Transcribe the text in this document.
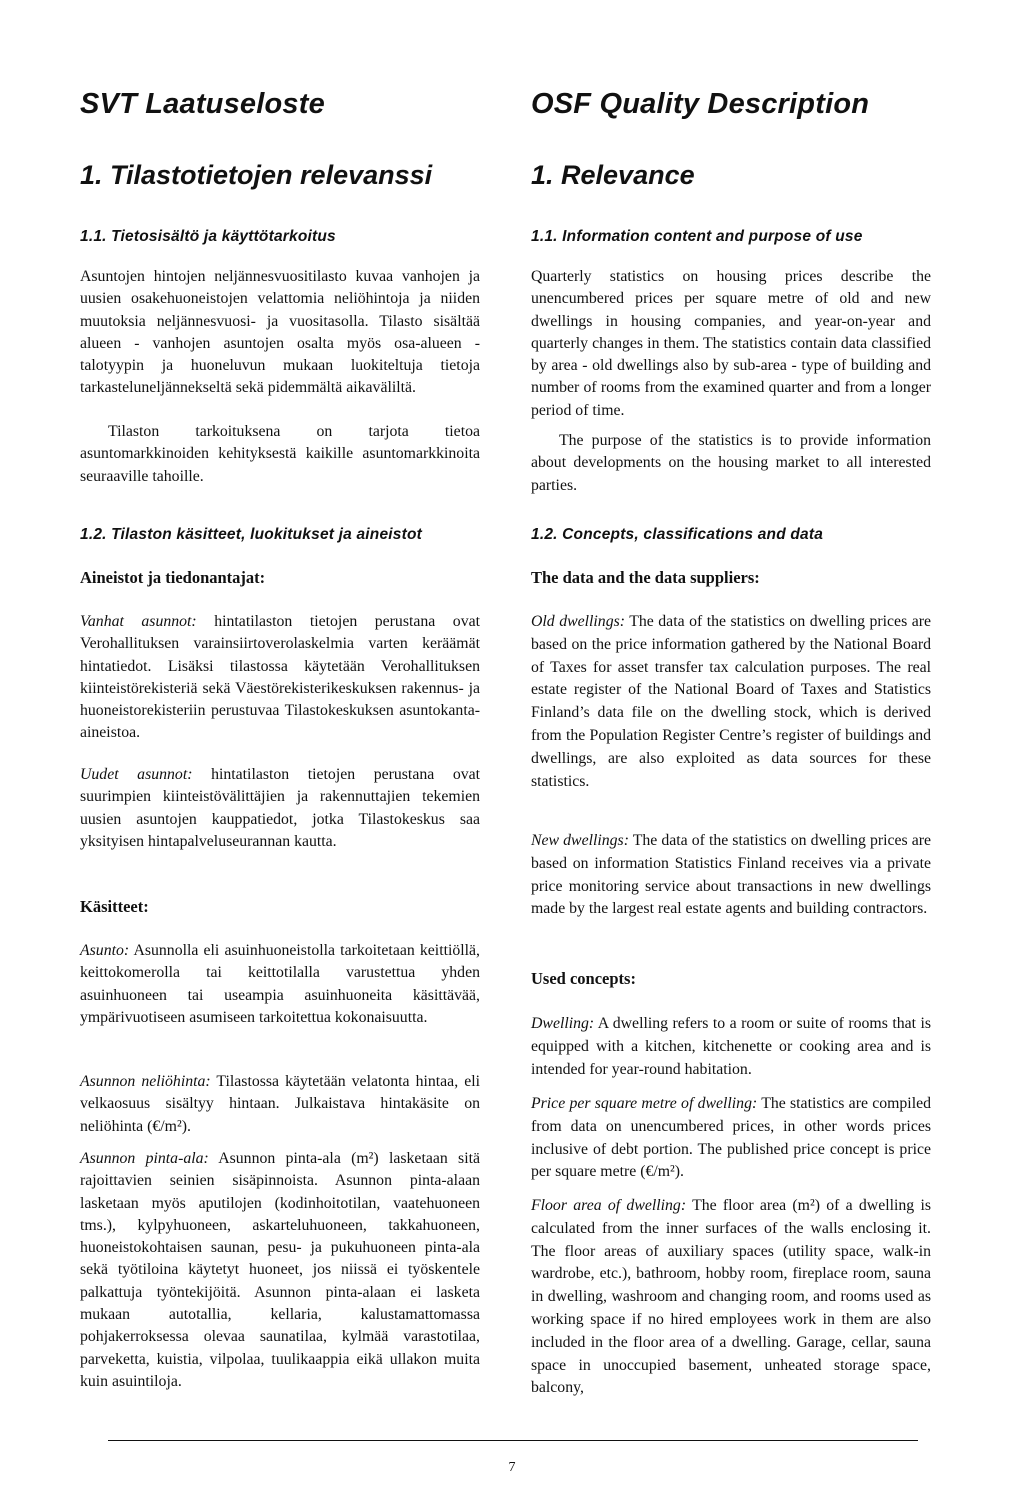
SVT Laatuseloste
1. Tilastotietojen relevanssi
1.1. Tietosisältö ja käyttötarkoitus

Asuntojen hintojen neljännesvuositilasto kuvaa vanhojen ja uusien osakehuoneistojen velattomia neliöhintoja ja niiden muutoksia neljännesvuosi- ja vuositasolla. Tilasto sisältää alueen - vanhojen asuntojen osalta myös osa-alueen - talotyypin ja huoneluvun mukaan luokiteltuja tietoja tarkasteluneljännekseltä sekä pidemmältä aikaväliltä.

Tilaston tarkoituksena on tarjota tietoa asuntomarkkinoiden kehityksestä kaikille asuntomarkkinoita seuraaville tahoille.

1.2. Tilaston käsitteet, luokitukset ja aineistot
Aineistot ja tiedonantajat:

Vanhat asunnot: hintatilaston tietojen perustana ovat Verohallituksen varainsiirtoverolaskelmia varten keräämät hintatiedot. Lisäksi tilastossa käytetään Verohallituksen kiinteistörekisteriä sekä Väestörekisterikeskuksen rakennus- ja huoneistorekisteriin perustuvaa Tilastokeskuksen asuntokanta-aineistoa.

Uudet asunnot: hintatilaston tietojen perustana ovat suurimpien kiinteistövälittäjien ja rakennuttajien tekemien uusien asuntojen kauppatiedot, jotka Tilastokeskus saa yksityisen hintapalveluseurannan kautta.

Käsitteet:

Asunto: Asunnolla eli asuinhuoneistolla tarkoitetaan keittiöllä, keittokomerolla tai keittotilalla varustettua yhden asuinhuoneen tai useampia asuinhuoneita käsittävää, ympärivuotiseen asumiseen tarkoitettua kokonaisuutta.

Asunnon neliöhinta: Tilastossa käytetään velatonta hintaa, eli velkaosuus sisältyy hintaan. Julkaistava hintakäsite on neliöhinta (€/m²).

Asunnon pinta-ala: Asunnon pinta-ala (m²) lasketaan sitä rajoittavien seinien sisäpinnoista. Asunnon pinta-alaan lasketaan myös aputilojen (kodinhoitotilan, vaatehuoneen tms.), kylpyhuoneen, askarteluhuoneen, takkahuoneen, huoneistokohtaisen saunan, pesu- ja pukuhuoneen pinta-ala sekä työtiloina käytetyt huoneet, jos niissä ei työskentele palkattuja työntekijöitä. Asunnon pinta-alaan ei lasketa mukaan autotallia, kellaria, kalustamattomassa pohjakerroksessa olevaa saunatilaa, kylmää varastotilaa, parveketta, kuistia, vilpolaa, tuulikaappia eikä ullakon muita kuin asuintiloja.

OSF Quality Description
1. Relevance
1.1. Information content and purpose of use

Quarterly statistics on housing prices describe the unencumbered prices per square metre of old and new dwellings in housing companies, and year-on-year and quarterly changes in them. The statistics contain data classified by area - old dwellings also by sub-area - type of building and number of rooms from the examined quarter and from a longer period of time.

The purpose of the statistics is to provide information about developments on the housing market to all interested parties.

1.2. Concepts, classifications and data
The data and the data suppliers:

Old dwellings: The data of the statistics on dwelling prices are based on the price information gathered by the National Board of Taxes for asset transfer tax calculation purposes. The real estate register of the National Board of Taxes and Statistics Finland’s data file on the dwelling stock, which is derived from the Population Register Centre’s register of buildings and dwellings, are also exploited as data sources for these statistics.

New dwellings: The data of the statistics on dwelling prices are based on information Statistics Finland receives via a private price monitoring service about transactions in new dwellings made by the largest real estate agents and building contractors.

Used concepts:

Dwelling: A dwelling refers to a room or suite of rooms that is equipped with a kitchen, kitchenette or cooking area and is intended for year-round habitation.

Price per square metre of dwelling: The statistics are compiled from data on unencumbered prices, in other words prices inclusive of debt portion. The published price concept is price per square metre (€/m²).

Floor area of dwelling: The floor area (m²) of a dwelling is calculated from the inner surfaces of the walls enclosing it. The floor areas of auxiliary spaces (utility space, walk-in wardrobe, etc.), bathroom, hobby room, fireplace room, sauna in dwelling, washroom and changing room, and rooms used as working space if no hired employees work in them are also included in the floor area of a dwelling. Garage, cellar, sauna space in unoccupied basement, unheated storage space, balcony,

7
